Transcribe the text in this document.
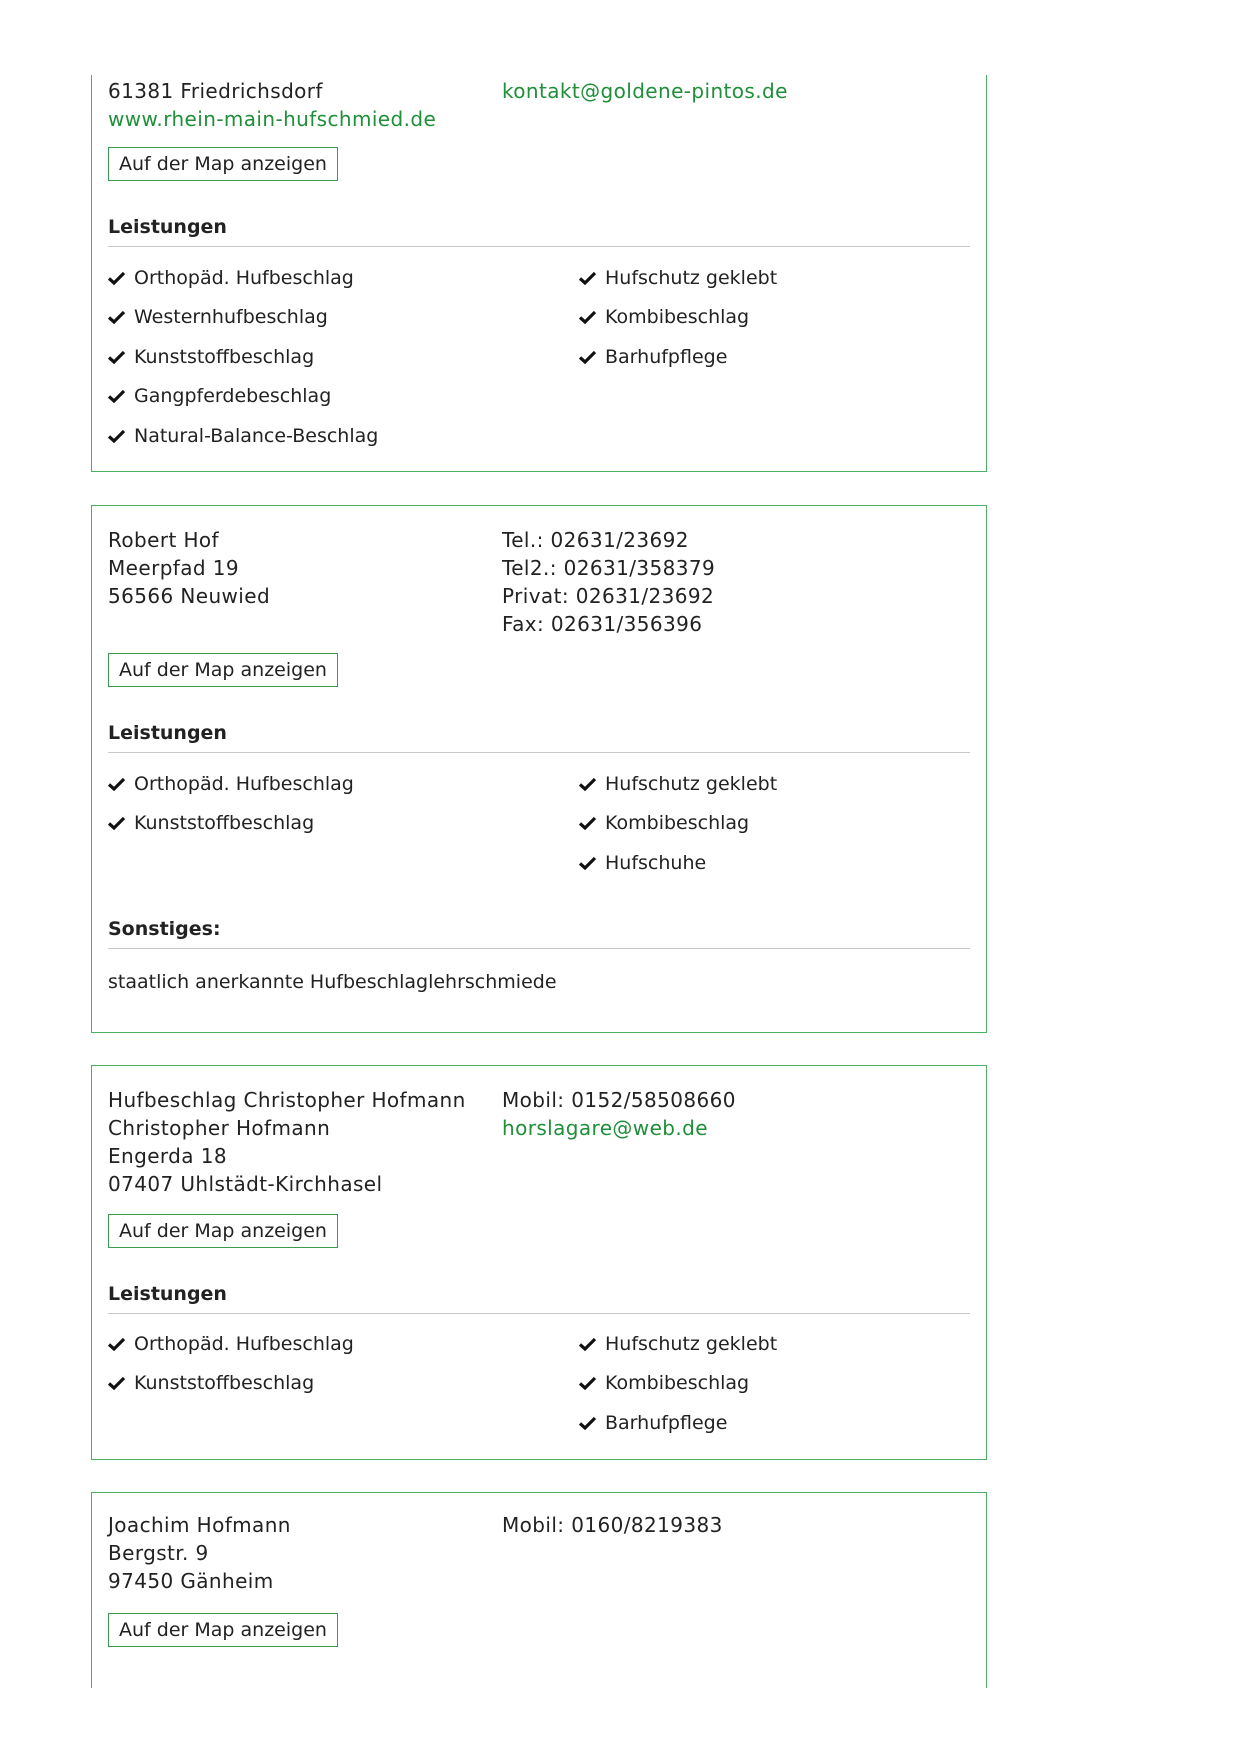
61381 Friedrichsdorf
www.rhein-main-hufschmied.de
kontakt@goldene-pintos.de
Auf der Map anzeigen
Leistungen
Orthopäd. Hufbeschlag
Westernhufbeschlag
Kunststoffbeschlag
Gangpferdebeschlag
Natural-Balance-Beschlag
Hufschutz geklebt
Kombibeschlag
Barhufpflege
Robert Hof
Meerpfad 19
56566 Neuwied
Tel.: 02631/23692
Tel2.: 02631/358379
Privat: 02631/23692
Fax: 02631/356396
Auf der Map anzeigen
Leistungen
Orthopäd. Hufbeschlag
Kunststoffbeschlag
Hufschutz geklebt
Kombibeschlag
Hufschuhe
Sonstiges:
staatlich anerkannte Hufbeschlaglehrschmiede
Hufbeschlag Christopher Hofmann
Christopher Hofmann
Engerda 18
07407 Uhlstädt-Kirchhasel
Mobil: 0152/58508660
horslagare@web.de
Auf der Map anzeigen
Leistungen
Orthopäd. Hufbeschlag
Kunststoffbeschlag
Hufschutz geklebt
Kombibeschlag
Barhufpflege
Joachim Hofmann
Bergstr. 9
97450 Gänheim
Mobil: 0160/8219383
Auf der Map anzeigen
